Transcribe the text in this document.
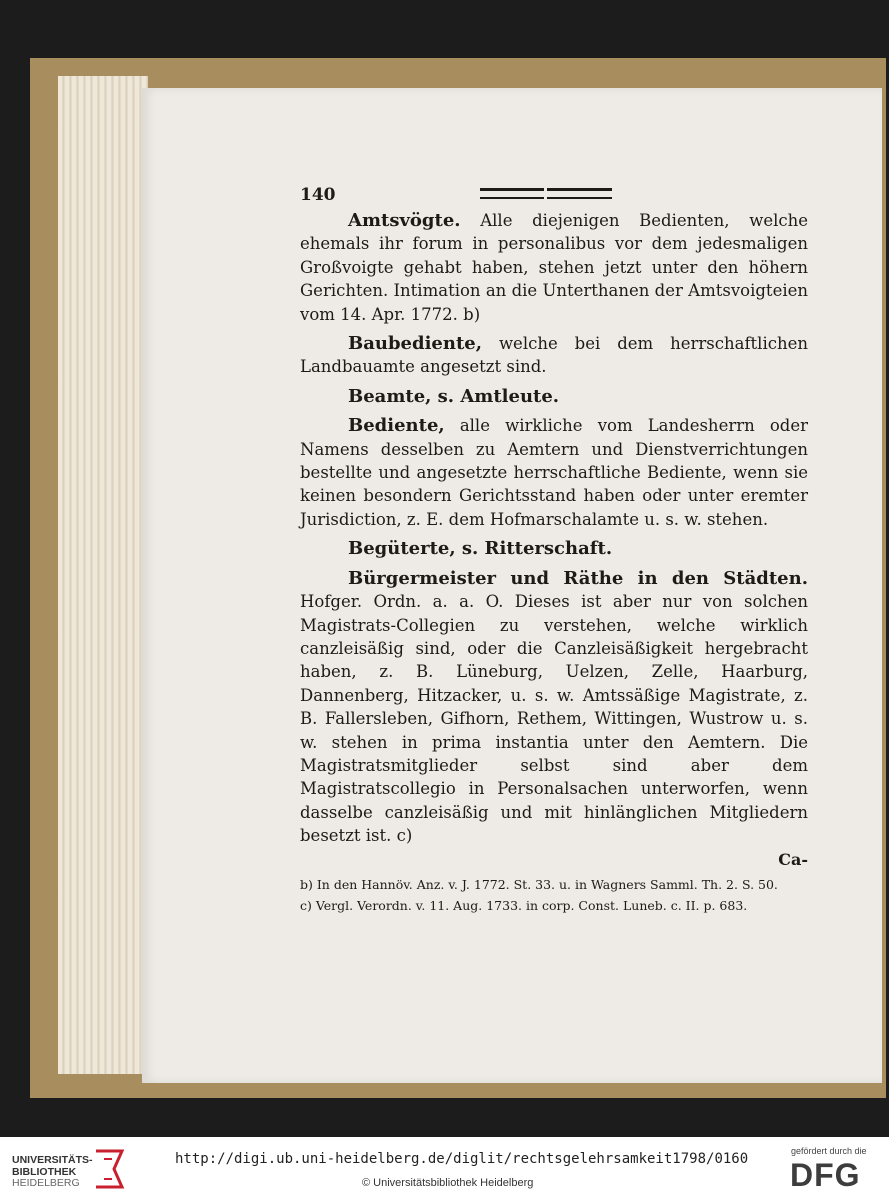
140

Amtsvögte. Alle diejenigen Bedienten, welche ehemals ihr forum in personalibus vor dem jedesmaligen Großvoigte gehabt haben, stehen jetzt unter den höhern Gerichten. Intimation an die Unterthanen der Amtsvoigteien vom 14. Apr. 1772. b)

Baubediente, welche bei dem herrschaftlichen Landbauamte angesetzt sind.

Beamte, s. Amtleute.

Bediente, alle wirkliche vom Landesherrn oder Namens desselben zu Aemtern und Dienstverrichtungen bestellte und angesetzte herrschaftliche Bediente, wenn sie keinen besondern Gerichtsstand haben oder unter eremter Jurisdiction, z. E. dem Hofmarschalamte u. s. w. stehen.

Begüterte, s. Ritterschaft.

Bürgermeister und Räthe in den Städten. Hofger. Ordn. a. a. O. Dieses ist aber nur von solchen Magistrats-Collegien zu verstehen, welche wirklich canzleisäßig sind, oder die Canzleisäßigkeit hergebracht haben, z. B. Lüneburg, Uelzen, Zelle, Haarburg, Dannenberg, Hitzacker, u. s. w. Amtssäßige Magistrate, z. B. Fallersleben, Gifhorn, Rethem, Wittingen, Wustrow u. s. w. stehen in prima instantia unter den Aemtern. Die Magistratsmitglieder selbst sind aber dem Magistratscollegio in Personalsachen unterworfen, wenn dasselbe canzleisäßig und mit hinlänglichen Mitgliedern besetzt ist. c)

Ca-

b) In den Hannöv. Anz. v. J. 1772. St. 33. u. in Wagners Samml. Th. 2. S. 50.

c) Vergl. Verordn. v. 11. Aug. 1733. in corp. Const. Luneb. c. II. p. 683.

UNIVERSITÄTS-
BIBLIOTHEK
HEIDELBERG
http://digi.ub.uni-heidelberg.de/diglit/rechtsgelehrsamkeit1798/0160
© Universitätsbibliothek Heidelberg
gefördert durch die
DFG
